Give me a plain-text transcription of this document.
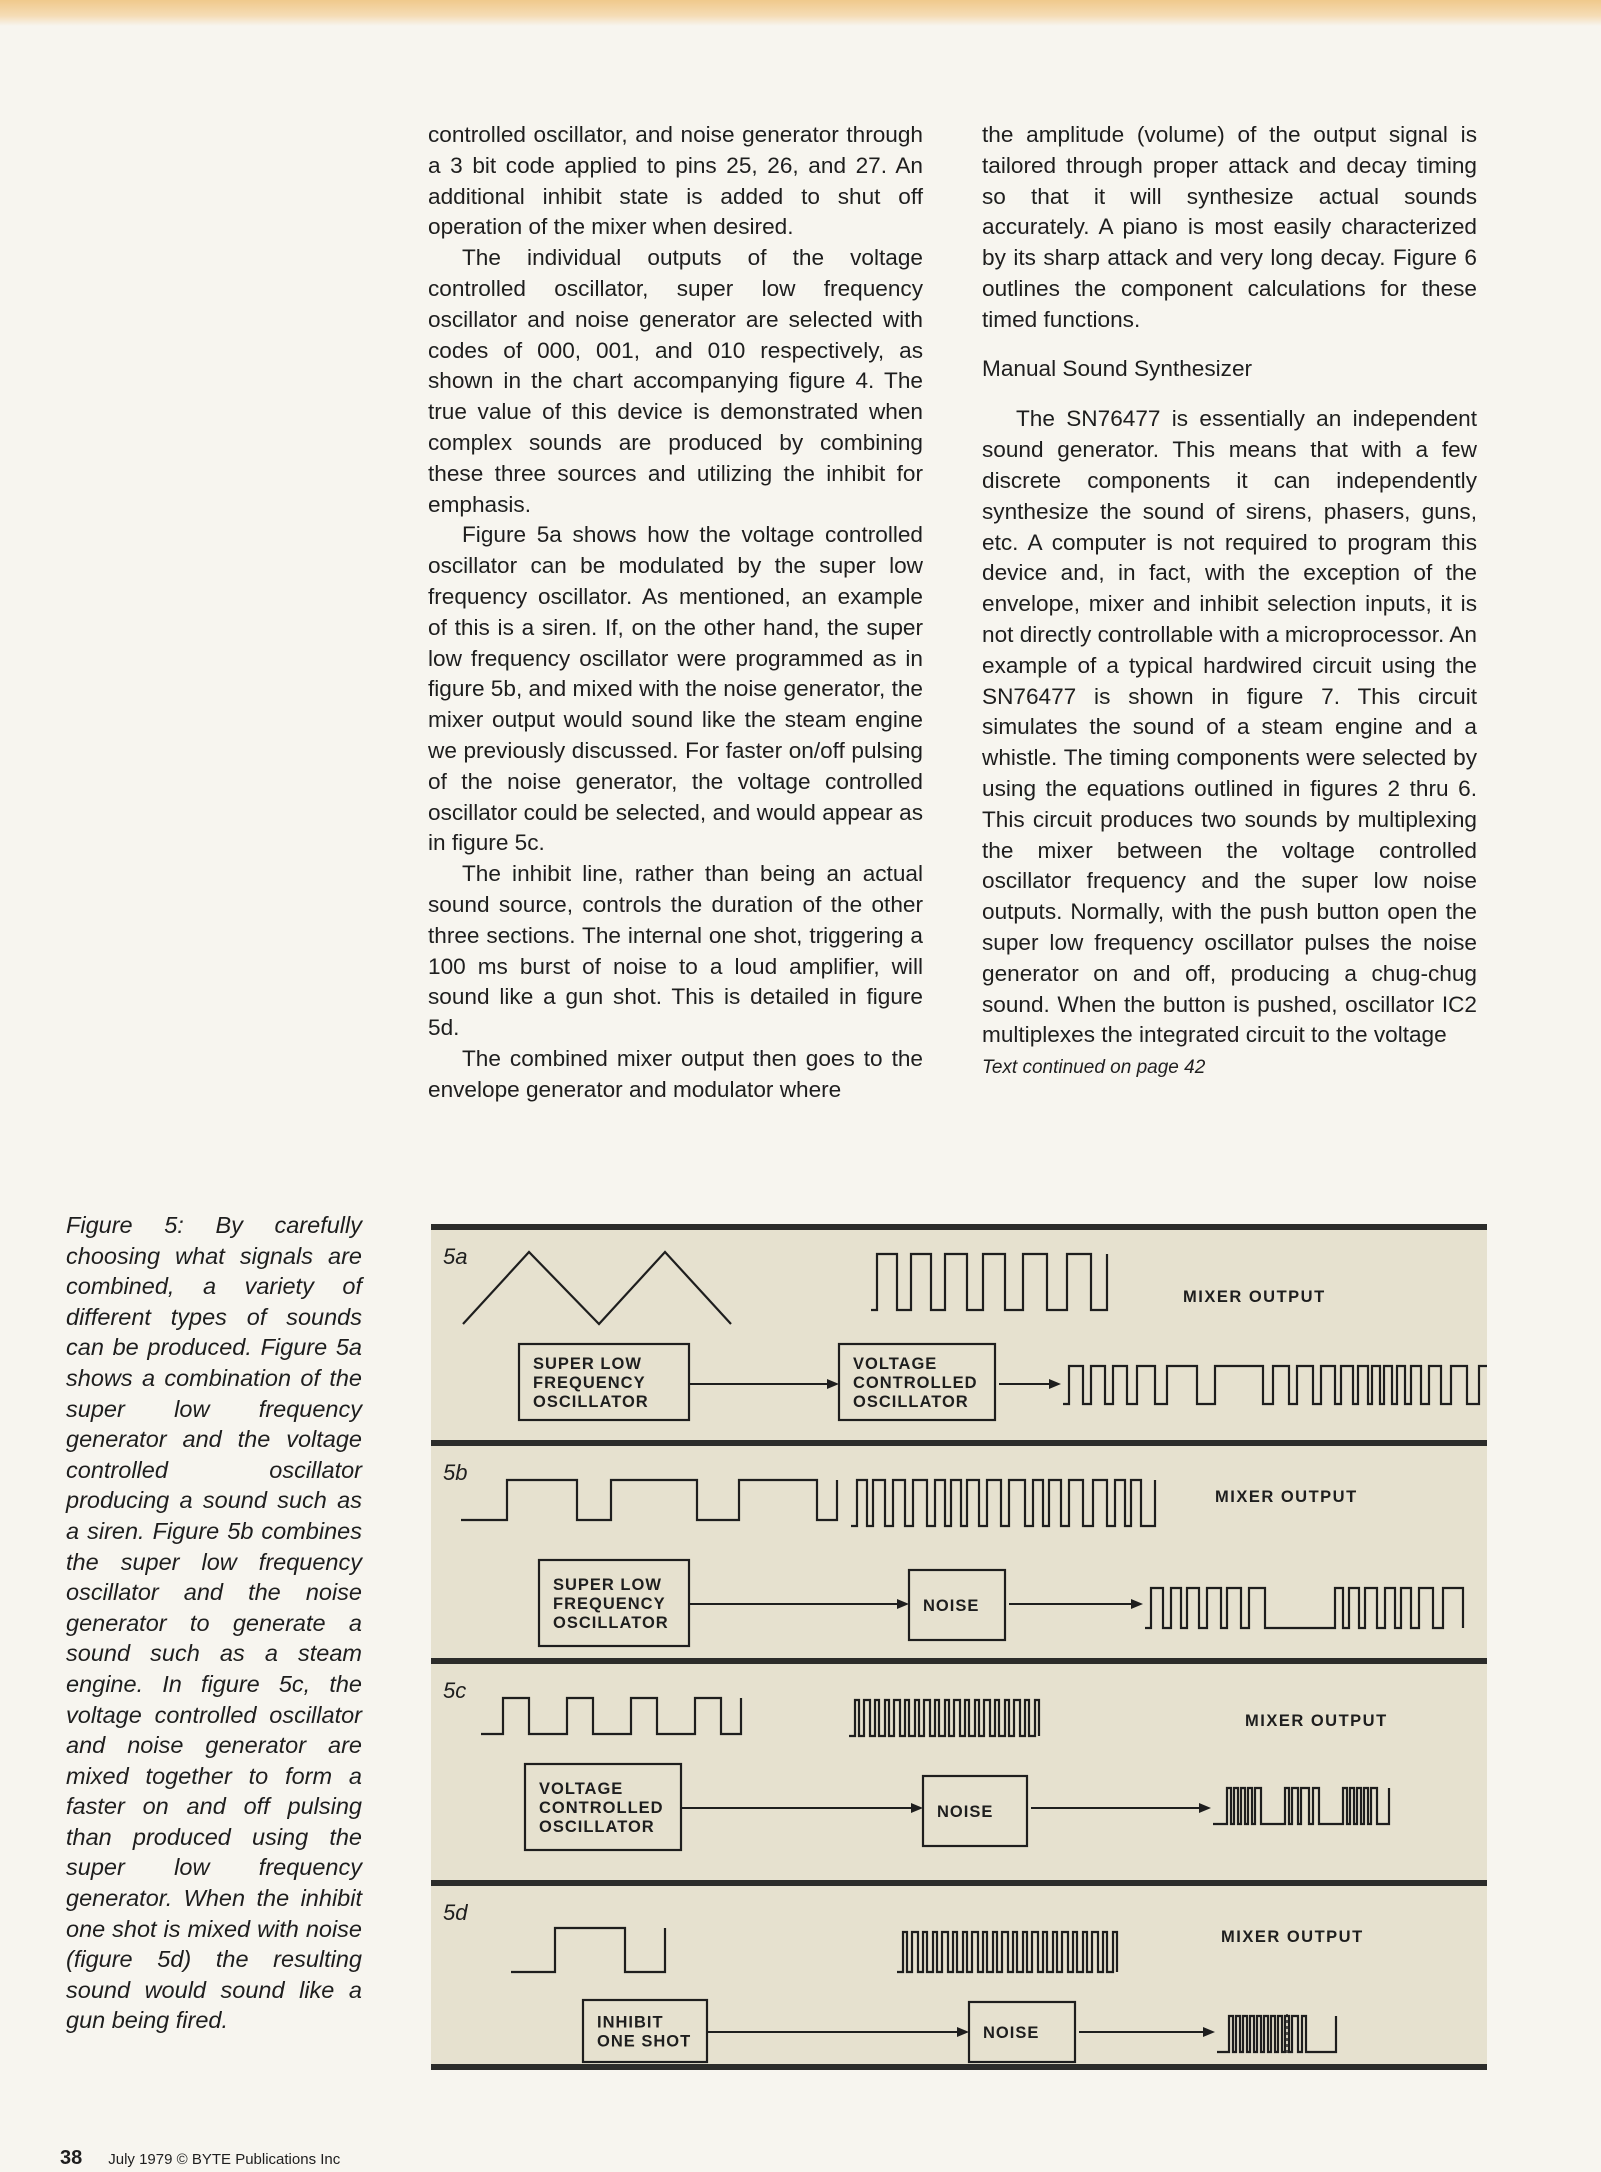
controlled oscillator, and noise generator through a 3 bit code applied to pins 25, 26, and 27. An additional inhibit state is added to shut off operation of the mixer when desired.

The individual outputs of the voltage controlled oscillator, super low frequency oscillator and noise generator are selected with codes of 000, 001, and 010 respectively, as shown in the chart accompanying figure 4. The true value of this device is demonstrated when complex sounds are produced by combining these three sources and utilizing the inhibit for emphasis.

Figure 5a shows how the voltage controlled oscillator can be modulated by the super low frequency oscillator. As mentioned, an example of this is a siren. If, on the other hand, the super low frequency oscillator were programmed as in figure 5b, and mixed with the noise generator, the mixer output would sound like the steam engine we previously discussed. For faster on/off pulsing of the noise generator, the voltage controlled oscillator could be selected, and would appear as in figure 5c.

The inhibit line, rather than being an actual sound source, controls the duration of the other three sections. The internal one shot, triggering a 100 ms burst of noise to a loud amplifier, will sound like a gun shot. This is detailed in figure 5d.

The combined mixer output then goes to the envelope generator and modulator where

the amplitude (volume) of the output signal is tailored through proper attack and decay timing so that it will synthesize actual sounds accurately. A piano is most easily characterized by its sharp attack and very long decay. Figure 6 outlines the component calculations for these timed functions.

Manual Sound Synthesizer

The SN76477 is essentially an independent sound generator. This means that with a few discrete components it can independently synthesize the sound of sirens, phasers, guns, etc. A computer is not required to program this device and, in fact, with the exception of the envelope, mixer and inhibit selection inputs, it is not directly controllable with a microprocessor. An example of a typical hardwired circuit using the SN76477 is shown in figure 7. This circuit simulates the sound of a steam engine and a whistle. The timing components were selected by using the equations outlined in figures 2 thru 6. This circuit produces two sounds by multiplexing the mixer between the voltage controlled oscillator frequency and the super low noise outputs. Normally, with the push button open the super low frequency oscillator pulses the noise generator on and off, producing a chug-chug sound. When the button is pushed, oscillator IC2 multiplexes the integrated circuit to the voltage

Text continued on page 42

Figure 5: By carefully choosing what signals are combined, a variety of different types of sounds can be produced. Figure 5a shows a combination of the super low frequency generator and the voltage controlled oscillator producing a sound such as a siren. Figure 5b combines the super low frequency oscillator and the noise generator to generate a sound such as a steam engine. In figure 5c, the voltage controlled oscillator and noise generator are mixed together to form a faster on and off pulsing than produced using the super low frequency generator. When the inhibit one shot is mixed with noise (figure 5d) the resulting sound would sound like a gun being fired.
5a
MIXER OUTPUT
5b
MIXER OUTPUT
5c
MIXER OUTPUT
5d
MIXER OUTPUT
SUPER LOW
FREQUENCY
OSCILLATOR
VOLTAGE
CONTROLLED
OSCILLATOR
SUPER LOW
FREQUENCY
OSCILLATOR
NOISE
VOLTAGE
CONTROLLED
OSCILLATOR
NOISE
INHIBIT
ONE SHOT	NOISE
38 July 1979 © BYTE Publications Inc
